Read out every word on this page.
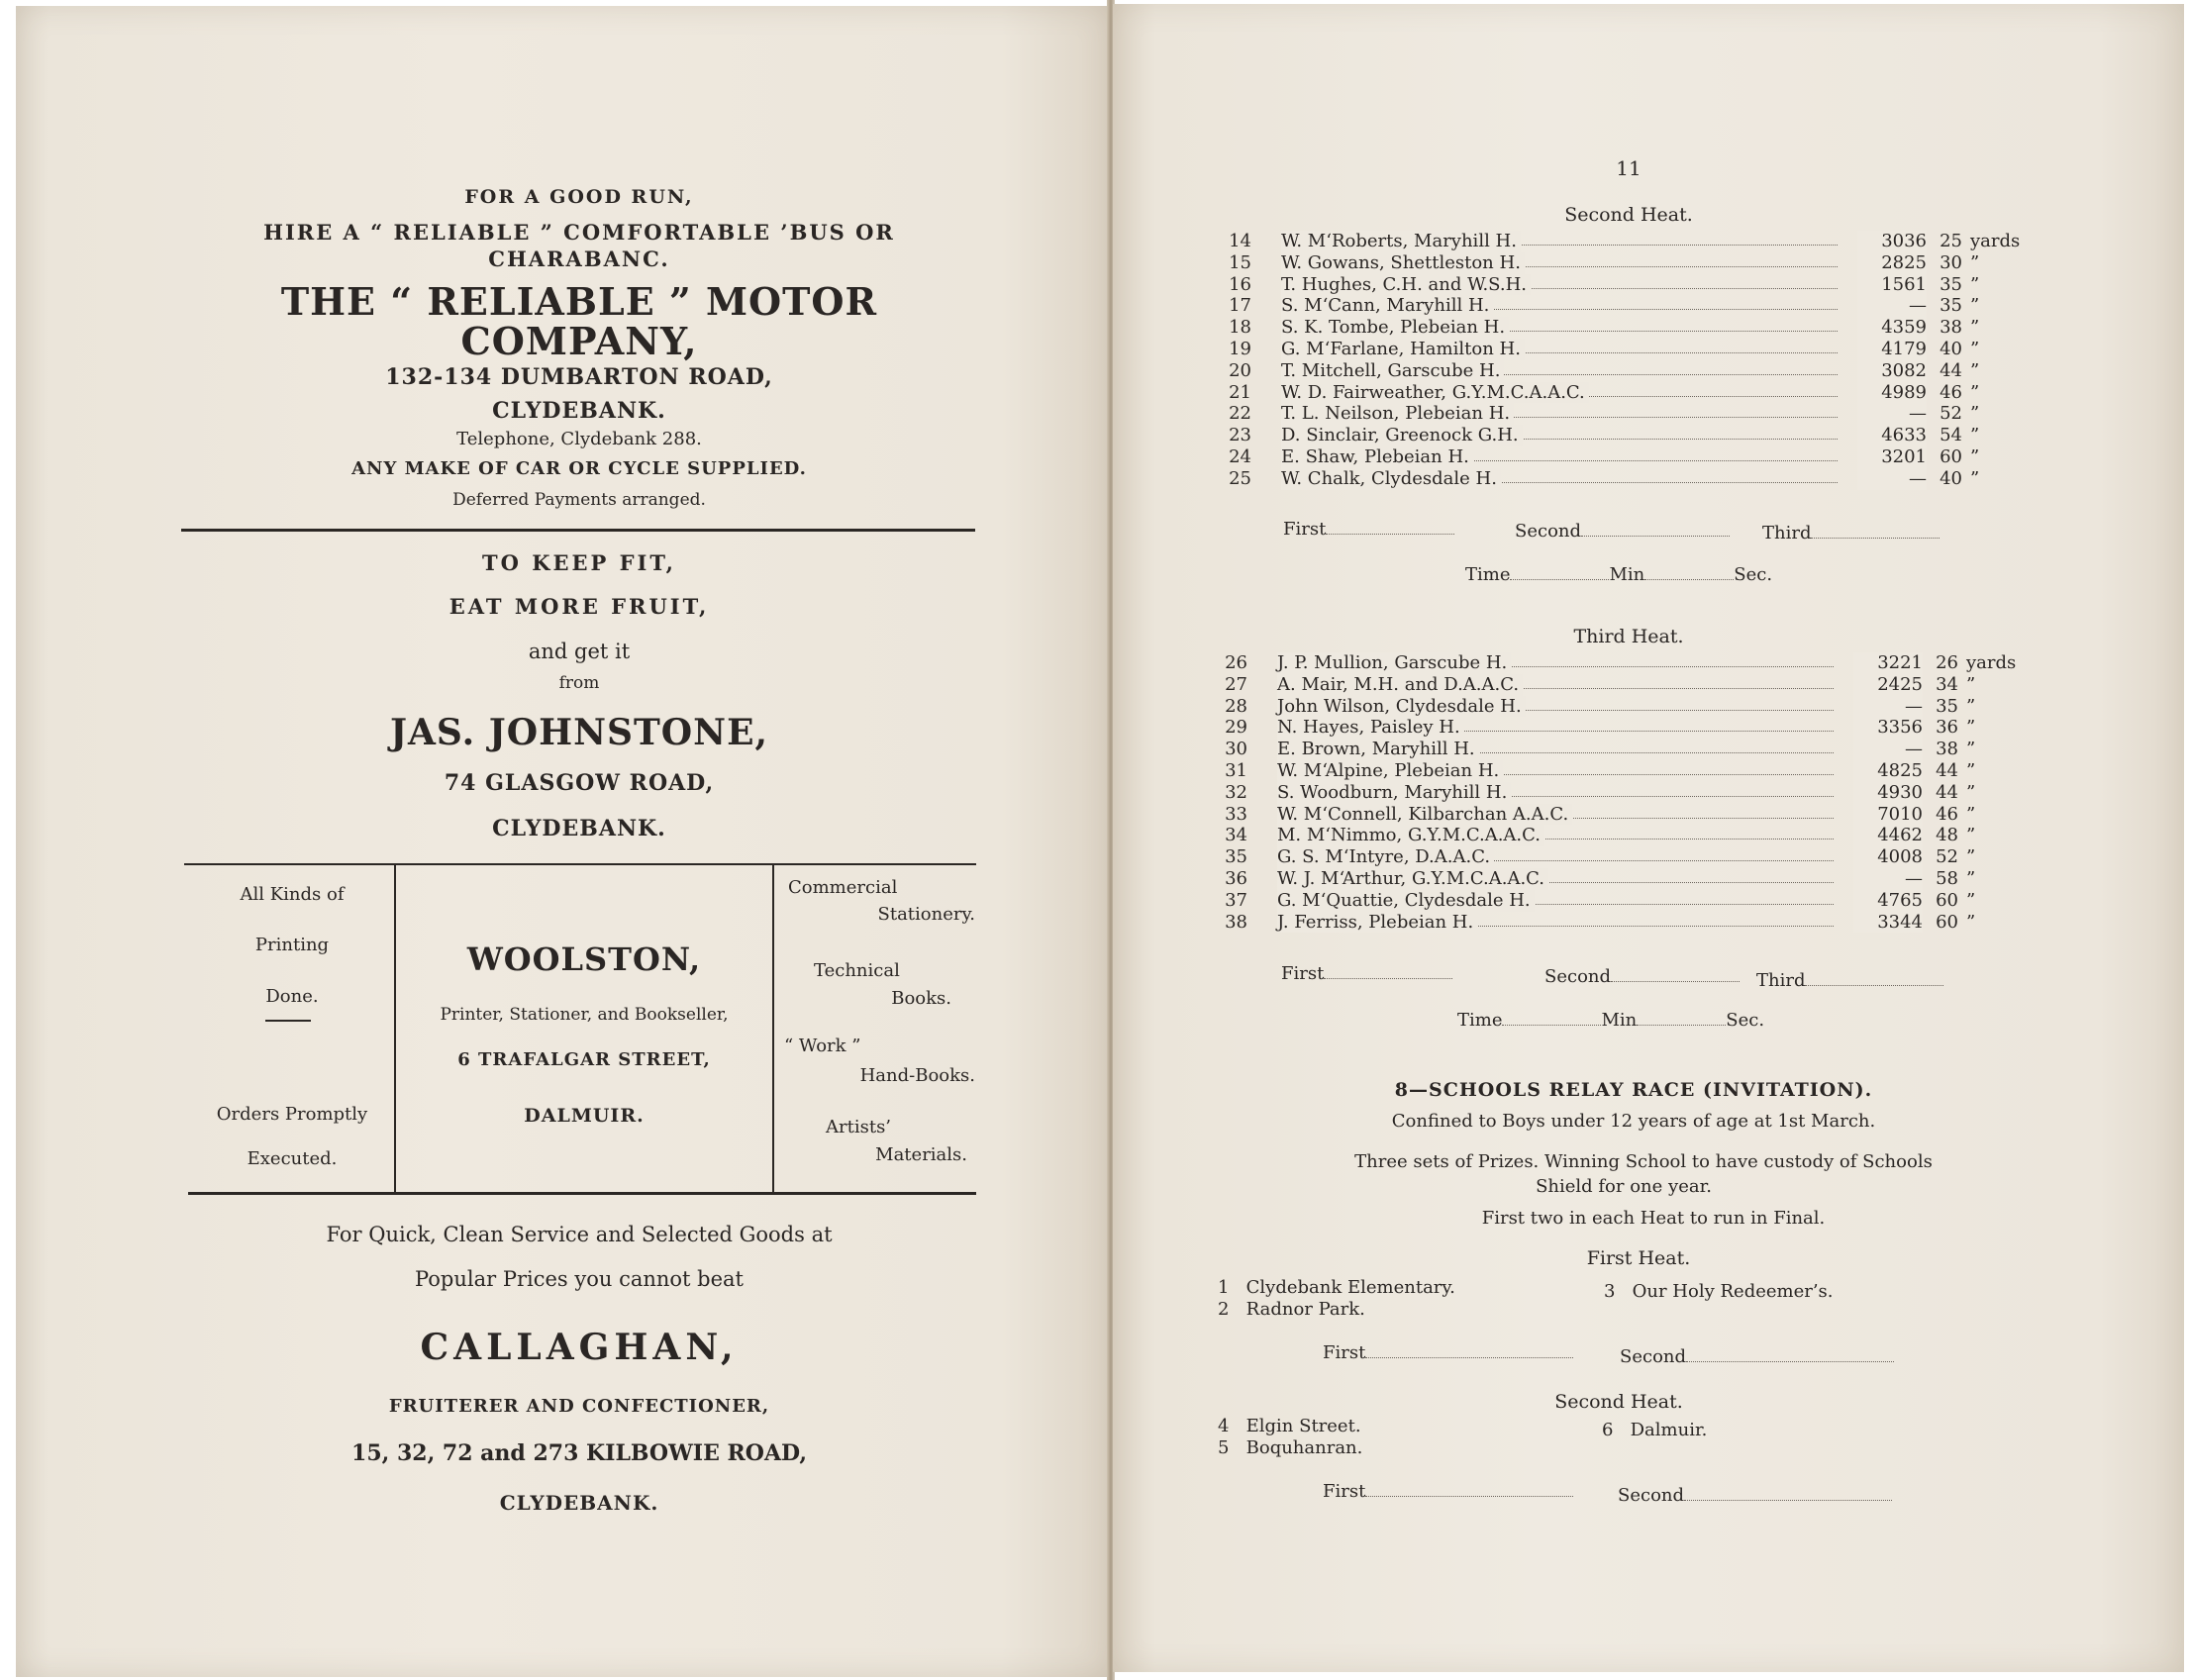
FOR A GOOD RUN,
HIRE A “ RELIABLE ” COMFORTABLE ’BUS OR
CHARABANC.
THE “ RELIABLE ” MOTOR
COMPANY,
132-134 DUMBARTON ROAD,
CLYDEBANK.
Telephone, Clydebank 288.
ANY MAKE OF CAR OR CYCLE SUPPLIED.
Deferred Payments arranged.
TO KEEP FIT,
EAT MORE FRUIT,
and get it
from
JAS. JOHNSTONE,
74 GLASGOW ROAD,
CLYDEBANK.
All Kinds of
Printing
Done.
Orders Promptly
Executed.
WOOLSTON,
Printer, Stationer, and Bookseller,
6 TRAFALGAR STREET,
DALMUIR.
Commercial
Stationery.
Technical
Books.
“ Work ”
Hand-Books.
Artists’
Materials.
For Quick, Clean Service and Selected Goods at
Popular Prices you cannot beat
CALLAGHAN,
FRUITERER AND CONFECTIONER,
15, 32, 72 and 273 KILBOWIE ROAD,
CLYDEBANK.
11
Second Heat.
14 W. M‘Roberts, Maryhill H.	3036 25 yards
15 W. Gowans, Shettleston H.	2825 30 ”
16 T. Hughes, C.H. and W.S.H.	1561 35 ”
17 S. M‘Cann, Maryhill H.	— 35 ”
18 S. K. Tombe, Plebeian H.	4359 38 ”
19 G. M‘Farlane, Hamilton H.	4179 40 ”
20 T. Mitchell, Garscube H.	3082 44 ”
21 W. D. Fairweather, G.Y.M.C.A.A.C.	4989 46 ”
22 T. L. Neilson, Plebeian H.	— 52 ”
23 D. Sinclair, Greenock G.H.	4633 54 ”
24 E. Shaw, Plebeian H.	3201 60 ”
25 W. Chalk, Clydesdale H.	— 40 ”
First	Second	Third
Time	Min	Sec.
Third Heat.
26 J. P. Mullion, Garscube H.	3221 26 yards
27 A. Mair, M.H. and D.A.A.C.	2425 34 ”
28 John Wilson, Clydesdale H.	— 35 ”
29 N. Hayes, Paisley H.	3356 36 ”
30 E. Brown, Maryhill H.	— 38 ”
31 W. M‘Alpine, Plebeian H.	4825 44 ”
32 S. Woodburn, Maryhill H.	4930 44 ”
33 W. M‘Connell, Kilbarchan A.A.C.	7010 46 ”
34 M. M‘Nimmo, G.Y.M.C.A.A.C.	4462 48 ”
35 G. S. M‘Intyre, D.A.A.C.	4008 52 ”
36 W. J. M‘Arthur, G.Y.M.C.A.A.C.	— 58 ”
37 G. M‘Quattie, Clydesdale H.	4765 60 ”
38 J. Ferriss, Plebeian H.	3344 60 ”
First	Second	Third
Time	Min	Sec.
8—SCHOOLS RELAY RACE (INVITATION).
Confined to Boys under 12 years of age at 1st March.
Three sets of Prizes. Winning School to have custody of Schools
Shield for one year.
First two in each Heat to run in Final.
First Heat.
1 Clydebank Elementary.
2 Radnor Park.
3 Our Holy Redeemer’s.
First	Second
Second Heat.
4 Elgin Street.
5 Boquhanran.
6 Dalmuir.
First	Second
